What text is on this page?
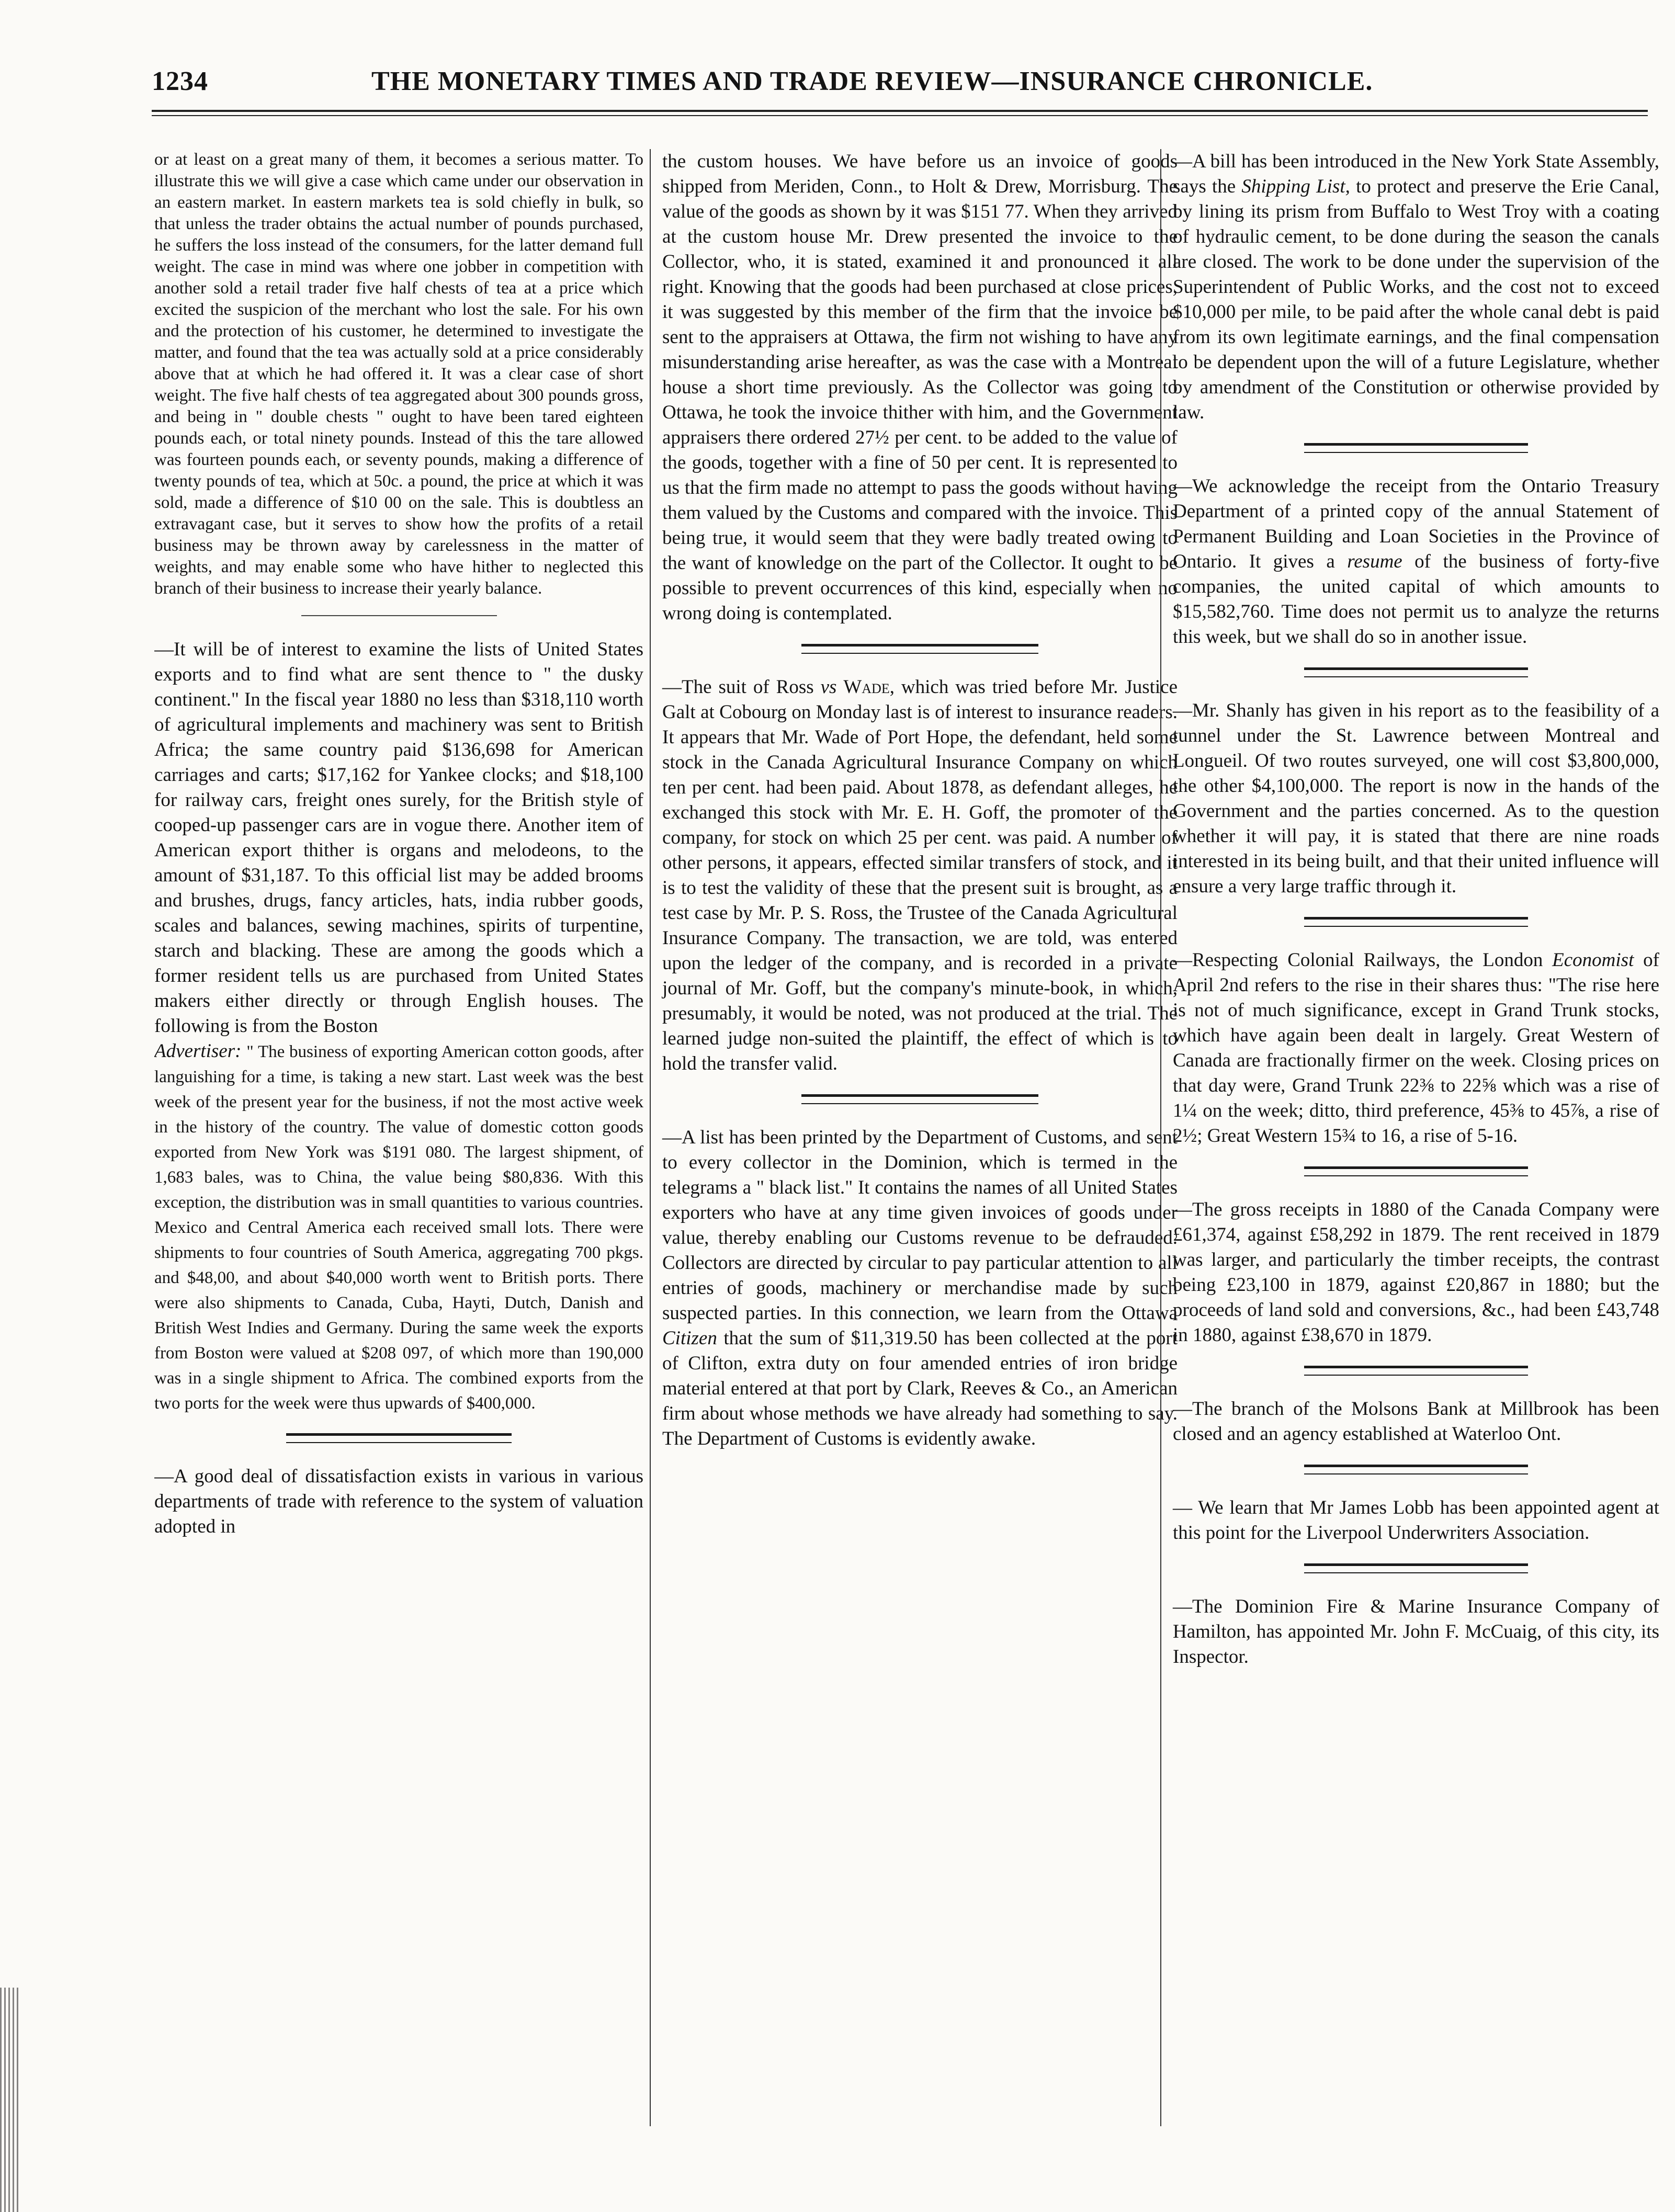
1234	THE MONETARY TIMES AND TRADE REVIEW—INSURANCE CHRONICLE.

or at least on a great many of them, it becomes a serious matter. To illustrate this we will give a case which came under our observation in an eastern market. In eastern markets tea is sold chiefly in bulk, so that unless the trader obtains the actual number of pounds purchased, he suffers the loss instead of the consumers, for the latter demand full weight. The case in mind was where one jobber in competition with another sold a retail trader five half chests of tea at a price which excited the suspicion of the merchant who lost the sale. For his own and the protection of his customer, he determined to investigate the matter, and found that the tea was actually sold at a price considerably above that at which he had offered it. It was a clear case of short weight. The five half chests of tea aggregated about 300 pounds gross, and being in " double chests " ought to have been tared eighteen pounds each, or total ninety pounds. Instead of this the tare allowed was fourteen pounds each, or seventy pounds, making a difference of twenty pounds of tea, which at 50c. a pound, the price at which it was sold, made a difference of $10 00 on the sale. This is doubtless an extravagant case, but it serves to show how the profits of a retail business may be thrown away by carelessness in the matter of weights, and may enable some who have hither to neglected this branch of their business to increase their yearly balance.

—It will be of interest to examine the lists of United States exports and to find what are sent thence to " the dusky continent." In the fiscal year 1880 no less than $318,110 worth of agricultural implements and machinery was sent to British Africa; the same country paid $136,698 for American carriages and carts; $17,162 for Yankee clocks; and $18,100 for railway cars, freight ones surely, for the British style of cooped-up passenger cars are in vogue there. Another item of American export thither is organs and melodeons, to the amount of $31,187. To this official list may be added brooms and brushes, drugs, fancy articles, hats, india rubber goods, scales and balances, sewing machines, spirits of turpentine, starch and blacking. These are among the goods which a former resident tells us are purchased from United States makers either directly or through English houses. The following is from the Boston
Advertiser: " The business of exporting American cotton goods, after languishing for a time, is taking a new start. Last week was the best week of the present year for the business, if not the most active week in the history of the country. The value of domestic cotton goods exported from New York was $191 080. The largest shipment, of 1,683 bales, was to China, the value being $80,836. With this exception, the distribution was in small quantities to various countries. Mexico and Central America each received small lots. There were shipments to four countries of South America, aggregating 700 pkgs. and $48,00, and about $40,000 worth went to British ports. There were also shipments to Canada, Cuba, Hayti, Dutch, Danish and British West Indies and Germany. During the same week the exports from Boston were valued at $208 097, of which more than 190,000 was in a single shipment to Africa. The combined exports from the two ports for the week were thus upwards of $400,000.

—A good deal of dissatisfaction exists in various in various departments of trade with reference to the system of valuation adopted in

the custom houses. We have before us an invoice of goods shipped from Meriden, Conn., to Holt & Drew, Morrisburg. The value of the goods as shown by it was $151 77. When they arrived at the custom house Mr. Drew presented the invoice to the Collector, who, it is stated, examined it and pronounced it all right. Knowing that the goods had been purchased at close prices, it was suggested by this member of the firm that the invoice be sent to the appraisers at Ottawa, the firm not wishing to have any misunderstanding arise hereafter, as was the case with a Montreal house a short time previously. As the Collector was going to Ottawa, he took the invoice thither with him, and the Government appraisers there ordered 27½ per cent. to be added to the value of the goods, together with a fine of 50 per cent. It is represented to us that the firm made no attempt to pass the goods without having them valued by the Customs and compared with the invoice. This being true, it would seem that they were badly treated owing to the want of knowledge on the part of the Collector. It ought to be possible to prevent occurrences of this kind, especially when no wrong doing is contemplated.

—The suit of Ross vs Wade, which was tried before Mr. Justice Galt at Cobourg on Monday last is of interest to insurance readers. It appears that Mr. Wade of Port Hope, the defendant, held some stock in the Canada Agricultural Insurance Company on which ten per cent. had been paid. About 1878, as defendant alleges, he exchanged this stock with Mr. E. H. Goff, the promoter of the company, for stock on which 25 per cent. was paid. A number of other persons, it appears, effected similar transfers of stock, and it is to test the validity of these that the present suit is brought, as a test case by Mr. P. S. Ross, the Trustee of the Canada Agricultural Insurance Company. The transaction, we are told, was entered upon the ledger of the company, and is recorded in a private journal of Mr. Goff, but the company's minute-book, in which, presumably, it would be noted, was not produced at the trial. The learned judge non-suited the plaintiff, the effect of which is to hold the transfer valid.

—A list has been printed by the Department of Customs, and sent to every collector in the Dominion, which is termed in the telegrams a " black list." It contains the names of all United States exporters who have at any time given invoices of goods under value, thereby enabling our Customs revenue to be defrauded. Collectors are directed by circular to pay particular attention to all entries of goods, machinery or merchandise made by such suspected parties. In this connection, we learn from the Ottawa Citizen that the sum of $11,319.50 has been collected at the port of Clifton, extra duty on four amended entries of iron bridge material entered at that port by Clark, Reeves & Co., an American firm about whose methods we have already had something to say. The Department of Customs is evidently awake.

—A bill has been introduced in the New York State Assembly, says the Shipping List, to protect and preserve the Erie Canal, by lining its prism from Buffalo to West Troy with a coating of hydraulic cement, to be done during the season the canals are closed. The work to be done under the supervision of the Superintendent of Public Works, and the cost not to exceed $10,000 per mile, to be paid after the whole canal debt is paid from its own legitimate earnings, and the final compensation to be dependent upon the will of a future Legislature, whether by amendment of the Constitution or otherwise provided by law.

—We acknowledge the receipt from the Ontario Treasury Department of a printed copy of the annual Statement of Permanent Building and Loan Societies in the Province of Ontario. It gives a resume of the business of forty-five companies, the united capital of which amounts to $15,582,760. Time does not permit us to analyze the returns this week, but we shall do so in another issue.

—Mr. Shanly has given in his report as to the feasibility of a tunnel under the St. Lawrence between Montreal and Longueil. Of two routes surveyed, one will cost $3,800,000, the other $4,100,000. The report is now in the hands of the Government and the parties concerned. As to the question whether it will pay, it is stated that there are nine roads interested in its being built, and that their united influence will ensure a very large traffic through it.

—Respecting Colonial Railways, the London Economist of April 2nd refers to the rise in their shares thus: "The rise here is not of much significance, except in Grand Trunk stocks, which have again been dealt in largely. Great Western of Canada are fractionally firmer on the week. Closing prices on that day were, Grand Trunk 22⅜ to 22⅝ which was a rise of 1¼ on the week; ditto, third preference, 45⅜ to 45⅞, a rise of 2½; Great Western 15¾ to 16, a rise of 5-16.

—The gross receipts in 1880 of the Canada Company were £61,374, against £58,292 in 1879. The rent received in 1879 was larger, and particularly the timber receipts, the contrast being £23,100 in 1879, against £20,867 in 1880; but the proceeds of land sold and conversions, &c., had been £43,748 in 1880, against £38,670 in 1879.

—The branch of the Molsons Bank at Millbrook has been closed and an agency established at Waterloo Ont.

— We learn that Mr James Lobb has been appointed agent at this point for the Liverpool Underwriters Association.

—The Dominion Fire & Marine Insurance Company of Hamilton, has appointed Mr. John F. McCuaig, of this city, its Inspector.
